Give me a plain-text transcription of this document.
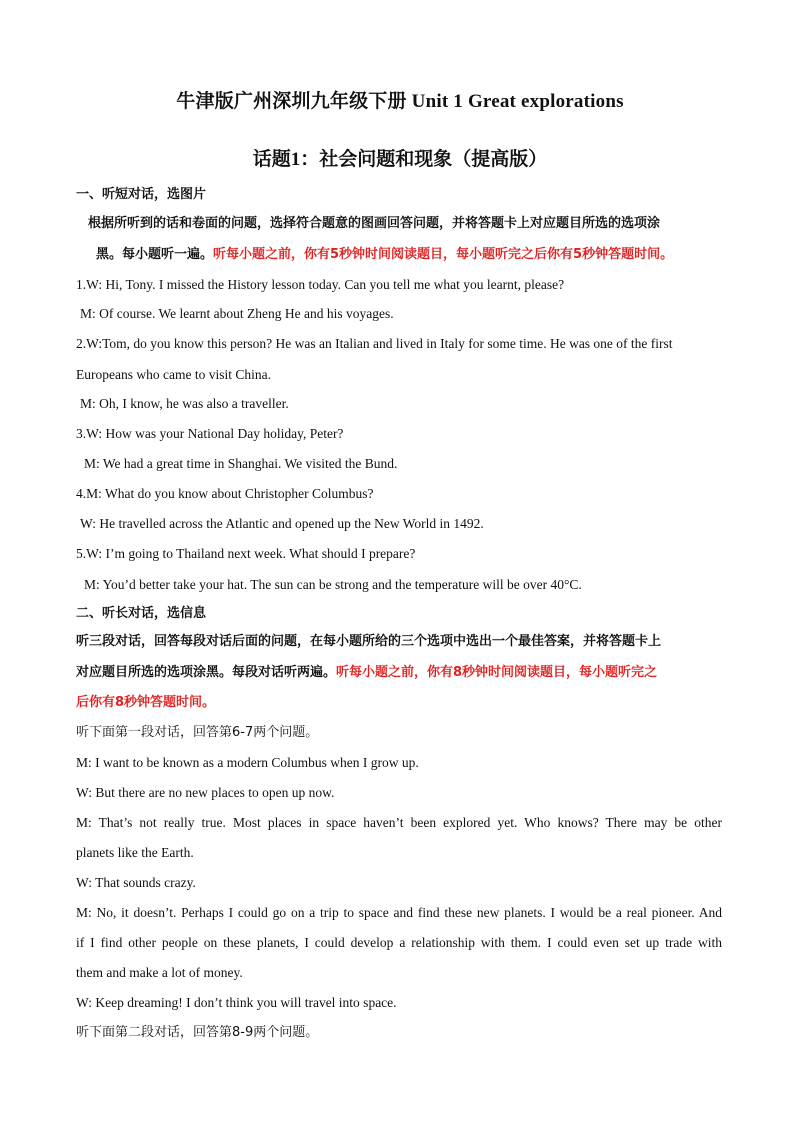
牛津版广州深圳九年级下册 Unit 1 Great explorations
话题1：社会问题和现象（提高版）
一、听短对话，选图片
根据所听到的话和卷面的问题，选择符合题意的图画回答问题，并将答题卡上对应题目所选的选项涂
黑。每小题听一遍。听每小题之前，你有5秒钟时间阅读题目，每小题听完之后你有5秒钟答题时间。
1.W: Hi, Tony. I missed the History lesson today. Can you tell me what you learnt, please?
M: Of course. We learnt about Zheng He and his voyages.
2.W:Tom, do you know this person? He was an Italian and lived in Italy for some time. He was one of the first
Europeans who came to visit China.
M: Oh, I know, he was also a traveller.
3.W: How was your National Day holiday, Peter?
M: We had a great time in Shanghai. We visited the Bund.
4.M: What do you know about Christopher Columbus?
W: He travelled across the Atlantic and opened up the New World in 1492.
5.W: I’m going to Thailand next week. What should I prepare?
M: You’d better take your hat. The sun can be strong and the temperature will be over 40°C.
二、听长对话，选信息
听三段对话，回答每段对话后面的问题，在每小题所给的三个选项中选出一个最佳答案，并将答题卡上
对应题目所选的选项涂黑。每段对话听两遍。听每小题之前，你有8秒钟时间阅读题目，每小题听完之
后你有8秒钟答题时间。
听下面第一段对话，回答第6-7两个问题。
M: I want to be known as a modern Columbus when I grow up.
W: But there are no new places to open up now.
M: That’s not really true. Most places in space haven’t been explored yet. Who knows? There may be other
planets like the Earth.
W: That sounds crazy.
M: No, it doesn’t. Perhaps I could go on a trip to space and find these new planets. I would be a real pioneer. And
if I find other people on these planets, I could develop a relationship with them. I could even set up trade with
them and make a lot of money.
W: Keep dreaming! I don’t think you will travel into space.
听下面第二段对话，回答第8-9两个问题。
